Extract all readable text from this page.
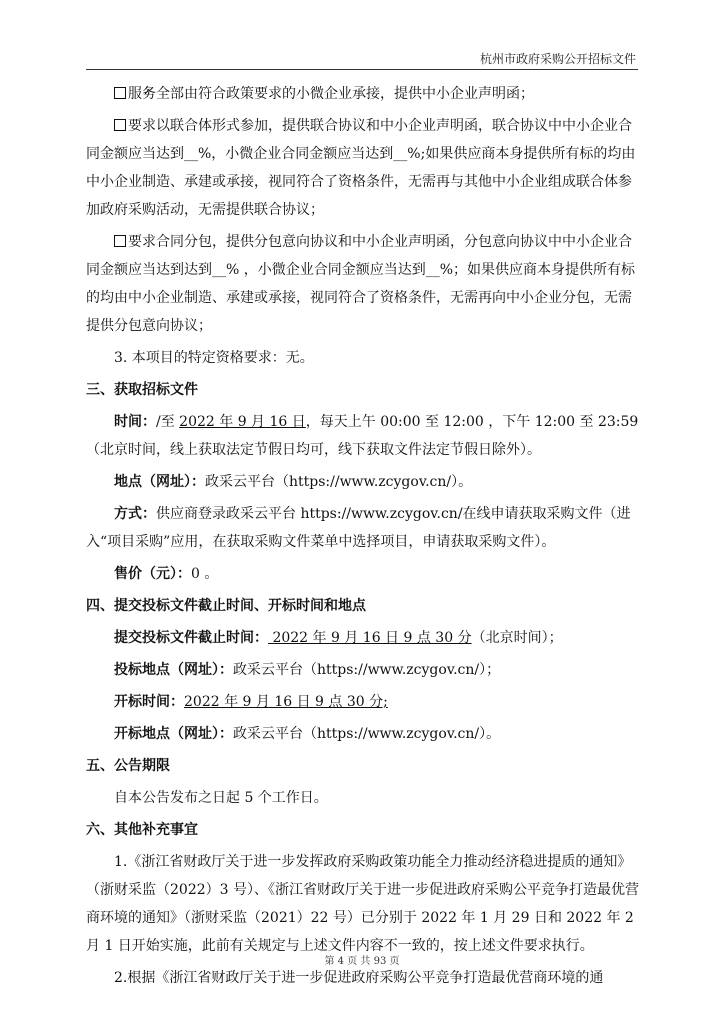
杭州市政府采购公开招标文件

✓服务全部由符合政策要求的小微企业承接，提供中小企业声明函；

要求以联合体形式参加，提供联合协议和中小企业声明函，联合协议中中小企业合同金额应当达到__%，小微企业合同金额应当达到__%;如果供应商本身提供所有标的均由中小企业制造、承建或承接，视同符合了资格条件，无需再与其他中小企业组成联合体参加政府采购活动，无需提供联合协议；

要求合同分包，提供分包意向协议和中小企业声明函，分包意向协议中中小企业合同金额应当达到达到__% ，小微企业合同金额应当达到__%；如果供应商本身提供所有标的均由中小企业制造、承建或承接，视同符合了资格条件，无需再向中小企业分包，无需提供分包意向协议；

3. 本项目的特定资格要求：无。

三、获取招标文件

时间：/至 2022 年 9 月 16 日，每天上午 00:00 至 12:00 ，下午 12:00 至 23:59（北京时间，线上获取法定节假日均可，线下获取文件法定节假日除外）。

地点（网址）：政采云平台（https://www.zcygov.cn/）。

方式：供应商登录政采云平台 https://www.zcygov.cn/在线申请获取采购文件（进入“项目采购”应用，在获取采购文件菜单中选择项目，申请获取采购文件）。

售价（元）：0 。

四、提交投标文件截止时间、开标时间和地点

提交投标文件截止时间： 2022 年 9 月 16 日 9 点 30 分（北京时间）；

投标地点（网址）：政采云平台（https://www.zcygov.cn/）；

开标时间：2022 年 9 月 16 日 9 点 30 分;

开标地点（网址）：政采云平台（https://www.zcygov.cn/）。

五、公告期限

自本公告发布之日起 5 个工作日。

六、其他补充事宜

1.《浙江省财政厅关于进一步发挥政府采购政策功能全力推动经济稳进提质的通知》（浙财采监（2022）3 号）、《浙江省财政厅关于进一步促进政府采购公平竞争打造最优营商环境的通知》（浙财采监（2021）22 号）已分别于 2022 年 1 月 29 日和 2022 年 2 月 1 日开始实施，此前有关规定与上述文件内容不一致的，按上述文件要求执行。

2.根据《浙江省财政厅关于进一步促进政府采购公平竞争打造最优营商环境的通

第 4 页 共 93 页
